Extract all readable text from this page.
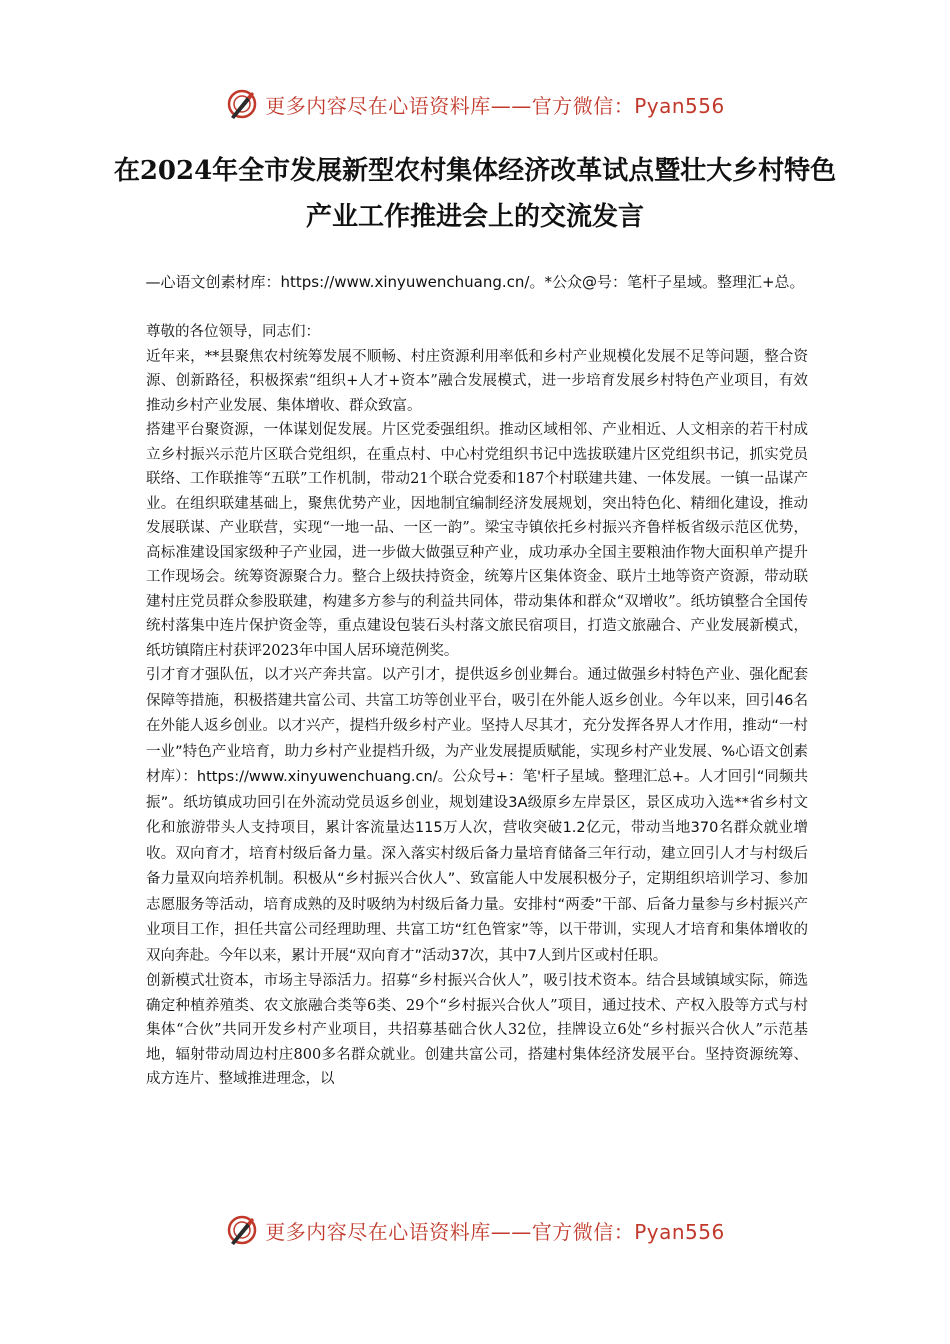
更多内容尽在心语资料库——官方微信：Pyan556
在2024年全市发展新型农村集体经济改革试点暨壮大乡村特色产业工作推进会上的交流发言

—心语文创素材库：https://www.xinyuwenchuang.cn/。*公众@号：笔杆子星域。整理汇+总。

尊敬的各位领导，同志们：

近年来，**县聚焦农村统筹发展不顺畅、村庄资源利用率低和乡村产业规模化发展不足等问题，整合资源、创新路径，积极探索“组织+人才+资本”融合发展模式，进一步培育发展乡村特色产业项目，有效推动乡村产业发展、集体增收、群众致富。

搭建平台聚资源，一体谋划促发展。片区党委强组织。推动区域相邻、产业相近、人文相亲的若干村成立乡村振兴示范片区联合党组织，在重点村、中心村党组织书记中选拔联建片区党组织书记，抓实党员联络、工作联推等“五联”工作机制，带动21个联合党委和187个村联建共建、一体发展。一镇一品谋产业。在组织联建基础上，聚焦优势产业，因地制宜编制经济发展规划，突出特色化、精细化建设，推动发展联谋、产业联营，实现“一地一品、一区一韵”。梁宝寺镇依托乡村振兴齐鲁样板省级示范区优势，高标准建设国家级种子产业园，进一步做大做强豆种产业，成功承办全国主要粮油作物大面积单产提升工作现场会。统筹资源聚合力。整合上级扶持资金，统筹片区集体资金、联片土地等资产资源，带动联建村庄党员群众参股联建，构建多方参与的利益共同体，带动集体和群众“双增收”。纸坊镇整合全国传统村落集中连片保护资金等，重点建设包装石头村落文旅民宿项目，打造文旅融合、产业发展新模式，纸坊镇隋庄村获评2023年中国人居环境范例奖。

引才育才强队伍，以才兴产奔共富。以产引才，提供返乡创业舞台。通过做强乡村特色产业、强化配套保障等措施，积极搭建共富公司、共富工坊等创业平台，吸引在外能人返乡创业。今年以来，回引46名在外能人返乡创业。以才兴产，提档升级乡村产业。坚持人尽其才，充分发挥各界人才作用，推动“一村一业”特色产业培育，助力乡村产业提档升级，为产业发展提质赋能，实现乡村产业发展、%心语文创素材库）：https://www.xinyuwenchuang.cn/。公众号+：笔'杆子星域。整理汇总+。人才回引“同频共振”。纸坊镇成功回引在外流动党员返乡创业，规划建设3A级原乡左岸景区，景区成功入选**省乡村文化和旅游带头人支持项目，累计客流量达115万人次，营收突破1.2亿元，带动当地370名群众就业增收。双向育才，培育村级后备力量。深入落实村级后备力量培育储备三年行动，建立回引人才与村级后备力量双向培养机制。积极从“乡村振兴合伙人”、致富能人中发展积极分子，定期组织培训学习、参加志愿服务等活动，培育成熟的及时吸纳为村级后备力量。安排村“两委”干部、后备力量参与乡村振兴产业项目工作，担任共富公司经理助理、共富工坊“红色管家”等，以干带训，实现人才培育和集体增收的双向奔赴。今年以来，累计开展“双向育才”活动37次，其中7人到片区或村任职。

创新模式壮资本，市场主导添活力。招募“乡村振兴合伙人”，吸引技术资本。结合县域镇域实际，筛选确定种植养殖类、农文旅融合类等6类、29个“乡村振兴合伙人”项目，通过技术、产权入股等方式与村集体“合伙”共同开发乡村产业项目，共招募基础合伙人32位，挂牌设立6处“乡村振兴合伙人”示范基地，辐射带动周边村庄800多名群众就业。创建共富公司，搭建村集体经济发展平台。坚持资源统筹、成方连片、整域推进理念，以

更多内容尽在心语资料库——官方微信：Pyan556
